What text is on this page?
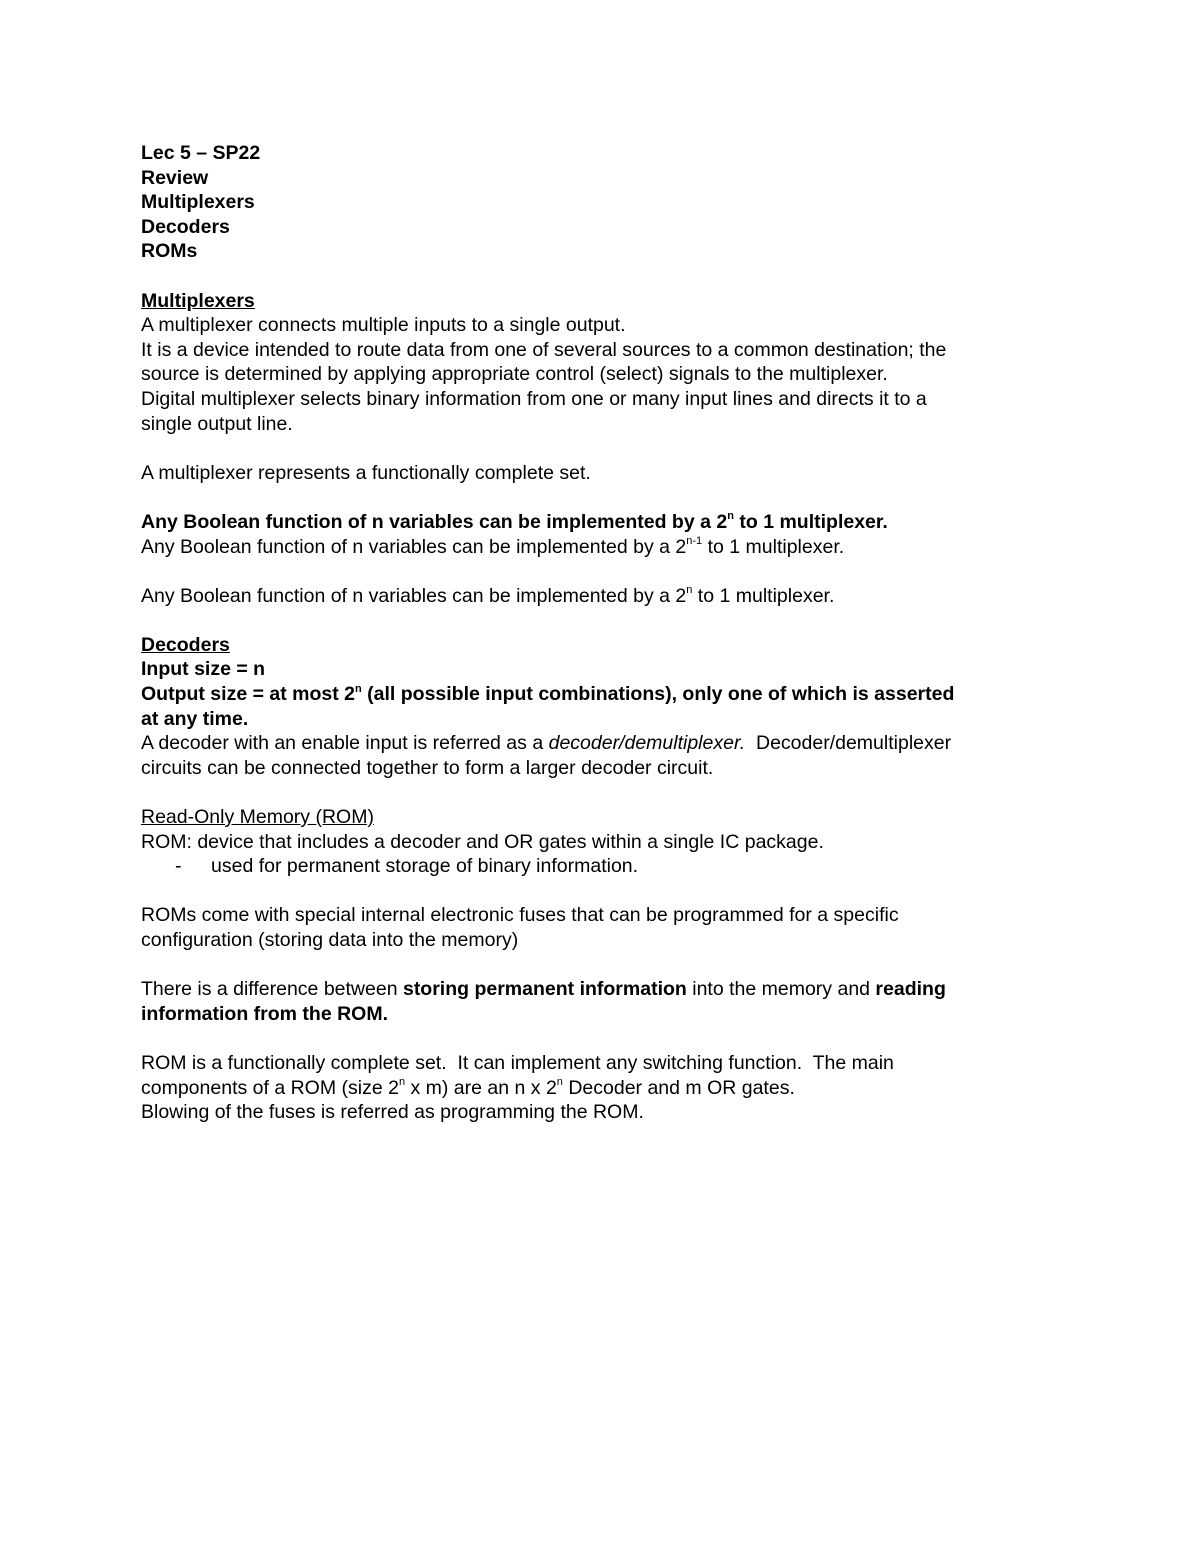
Lec 5 – SP22
Review
Multiplexers
Decoders
ROMs
Multiplexers
A multiplexer connects multiple inputs to a single output.
It is a device intended to route data from one of several sources to a common destination; the
source is determined by applying appropriate control (select) signals to the multiplexer.
Digital multiplexer selects binary information from one or many input lines and directs it to a
single output line.
A multiplexer represents a functionally complete set.
Any Boolean function of n variables can be implemented by a 2$^n$ to 1 multiplexer.
Any Boolean function of n variables can be implemented by a 2$^{n-1}$ to 1 multiplexer.
Any Boolean function of n variables can be implemented by a 2$^n$ to 1 multiplexer.
Decoders
Input size = n
Output size = at most 2$^n$ (all possible input combinations), only one of which is asserted
at any time.
A decoder with an enable input is referred as a decoder/demultiplexer.  Decoder/demultiplexer
circuits can be connected together to form a larger decoder circuit.
Read-Only Memory (ROM)
ROM: device that includes a decoder and OR gates within a single IC package.
- used for permanent storage of binary information.
ROMs come with special internal electronic fuses that can be programmed for a specific
configuration (storing data into the memory)
There is a difference between storing permanent information into the memory and reading
information from the ROM.
ROM is a functionally complete set.  It can implement any switching function.  The main
components of a ROM (size 2$^n$ x m) are an n x 2$^n$ Decoder and m OR gates.
Blowing of the fuses is referred as programming the ROM.
